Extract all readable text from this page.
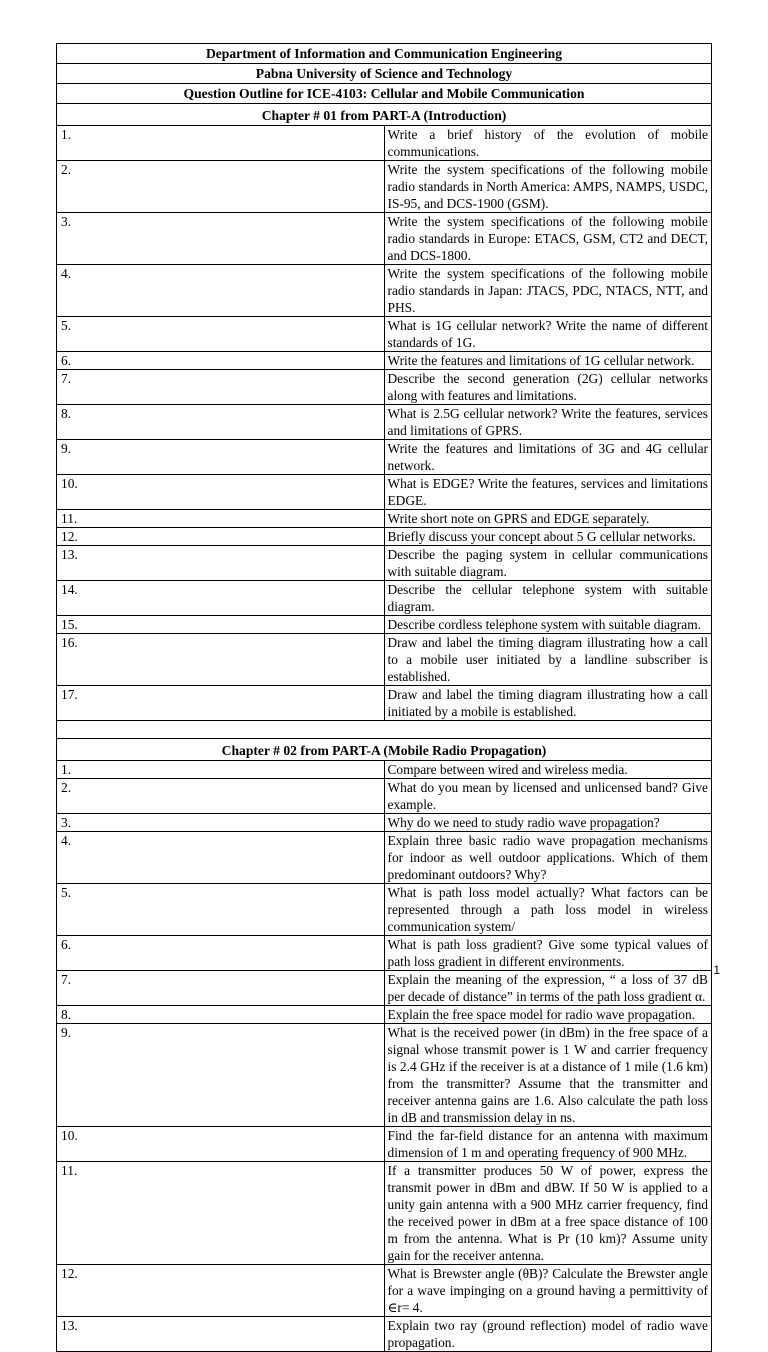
Department of Information and Communication Engineering	
Pabna University of Science and Technology	
Question Outline for ICE-4103: Cellular and Mobile Communication	
Chapter # 01 from PART-A (Introduction)	
1.	Write a brief history of the evolution of mobile communications.
2.	Write the system specifications of the following mobile radio standards in North America: AMPS, NAMPS, USDC, IS-95, and DCS-1900 (GSM).
3.	Write the system specifications of the following mobile radio standards in Europe: ETACS, GSM, CT2 and DECT, and DCS-1800.
4.	Write the system specifications of the following mobile radio standards in Japan: JTACS, PDC, NTACS, NTT, and PHS.
5.	What is 1G cellular network? Write the name of different standards of 1G.
6.	Write the features and limitations of 1G cellular network.
7.	Describe the second generation (2G) cellular networks along with features and limitations.
8.	What is 2.5G cellular network? Write the features, services and limitations of GPRS.
9.	Write the features and limitations of 3G and 4G cellular network.
10.	What is EDGE? Write the features, services and limitations EDGE.
11.	Write short note on GPRS and EDGE separately.
12.	Briefly discuss your concept about 5 G cellular networks.
13.	Describe the paging system in cellular communications with suitable diagram.
14.	Describe the cellular telephone system with suitable diagram.
15.	Describe cordless telephone system with suitable diagram.
16.	Draw and label the timing diagram illustrating how a call to a mobile user initiated by a landline subscriber is established.
17.	Draw and label the timing diagram illustrating how a call initiated by a mobile is established.

Chapter # 02 from PART-A (Mobile Radio Propagation)	
1.	Compare between wired and wireless media.
2.	What do you mean by licensed and unlicensed band? Give example.
3.	Why do we need to study radio wave propagation?
4.	Explain three basic radio wave propagation mechanisms for indoor as well outdoor applications. Which of them predominant outdoors? Why?
5.	What is path loss model actually? What factors can be represented through a path loss model in wireless communication system/
6.	What is path loss gradient? Give some typical values of path loss gradient in different environments.
7.	Explain the meaning of the expression, “ a loss of 37 dB per decade of distance” in terms of the path loss gradient α.
8.	Explain the free space model for radio wave propagation.
9.	What is the received power (in dBm) in the free space of a signal whose transmit power is 1 W and carrier frequency is 2.4 GHz if the receiver is at a distance of 1 mile (1.6 km) from the transmitter? Assume that the transmitter and receiver antenna gains are 1.6. Also calculate the path loss in dB and transmission delay in ns.
10.	Find the far-field distance for an antenna with maximum dimension of 1 m and operating frequency of 900 MHz.
11.	If a transmitter produces 50 W of power, express the transmit power in dBm and dBW. If 50 W is applied to a unity gain antenna with a 900 MHz carrier frequency, find the received power in dBm at a free space distance of 100 m from the antenna. What is Pr (10 km)? Assume unity gain for the receiver antenna.
12.	What is Brewster angle (θB)? Calculate the Brewster angle for a wave impinging on a ground having a permittivity of ∈r= 4.
13.	Explain two ray (ground reflection) model of radio wave propagation.
1
